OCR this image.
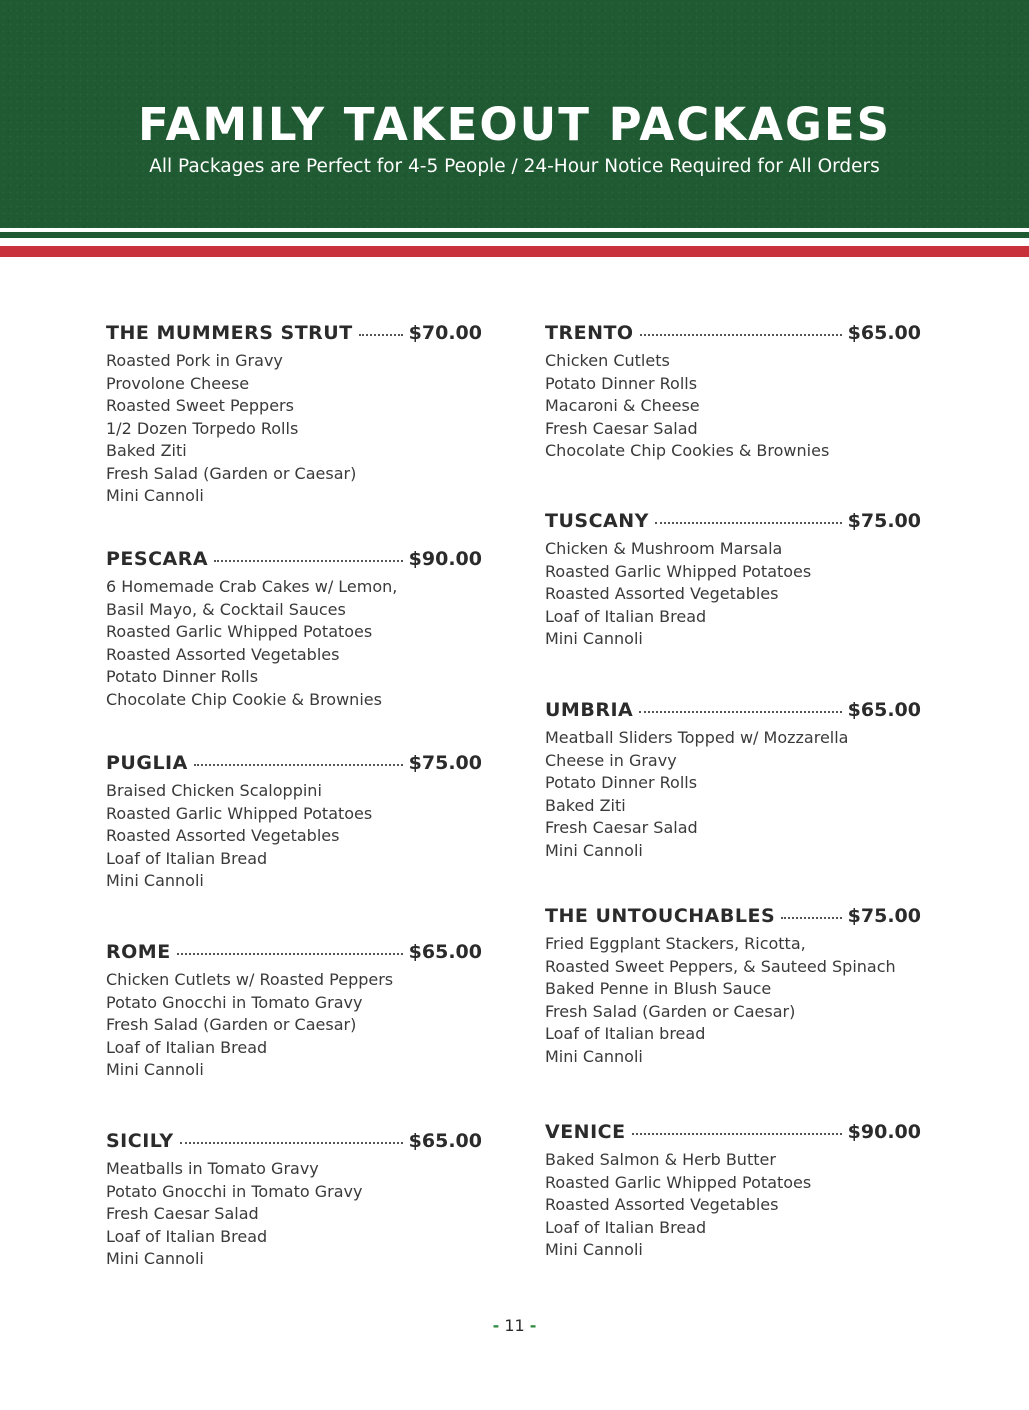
FAMILY TAKEOUT PACKAGES
All Packages are Perfect for 4-5 People / 24-Hour Notice Required for All Orders
THE MUMMERS STRUT	$70.00
Roasted Pork in Gravy
Provolone Cheese
Roasted Sweet Peppers
1/2 Dozen Torpedo Rolls
Baked Ziti
Fresh Salad (Garden or Caesar)
Mini Cannoli
PESCARA	$90.00
6 Homemade Crab Cakes w/ Lemon,
Basil Mayo, & Cocktail Sauces
Roasted Garlic Whipped Potatoes
Roasted Assorted Vegetables
Potato Dinner Rolls
Chocolate Chip Cookie & Brownies
PUGLIA	$75.00
Braised Chicken Scaloppini
Roasted Garlic Whipped Potatoes
Roasted Assorted Vegetables
Loaf of Italian Bread
Mini Cannoli
ROME	$65.00
Chicken Cutlets w/ Roasted Peppers
Potato Gnocchi in Tomato Gravy
Fresh Salad (Garden or Caesar)
Loaf of Italian Bread
Mini Cannoli
SICILY	$65.00
Meatballs in Tomato Gravy
Potato Gnocchi in Tomato Gravy
Fresh Caesar Salad
Loaf of Italian Bread
Mini Cannoli
TRENTO	$65.00
Chicken Cutlets
Potato Dinner Rolls
Macaroni & Cheese
Fresh Caesar Salad
Chocolate Chip Cookies & Brownies
TUSCANY	$75.00
Chicken & Mushroom Marsala
Roasted Garlic Whipped Potatoes
Roasted Assorted Vegetables
Loaf of Italian Bread
Mini Cannoli
UMBRIA	$65.00
Meatball Sliders Topped w/ Mozzarella
Cheese in Gravy
Potato Dinner Rolls
Baked Ziti
Fresh Caesar Salad
Mini Cannoli
THE UNTOUCHABLES	$75.00
Fried Eggplant Stackers, Ricotta,
Roasted Sweet Peppers, & Sauteed Spinach
Baked Penne in Blush Sauce
Fresh Salad (Garden or Caesar)
Loaf of Italian bread
Mini Cannoli
VENICE	$90.00
Baked Salmon & Herb Butter
Roasted Garlic Whipped Potatoes
Roasted Assorted Vegetables
Loaf of Italian Bread
Mini Cannoli
- 11 -
